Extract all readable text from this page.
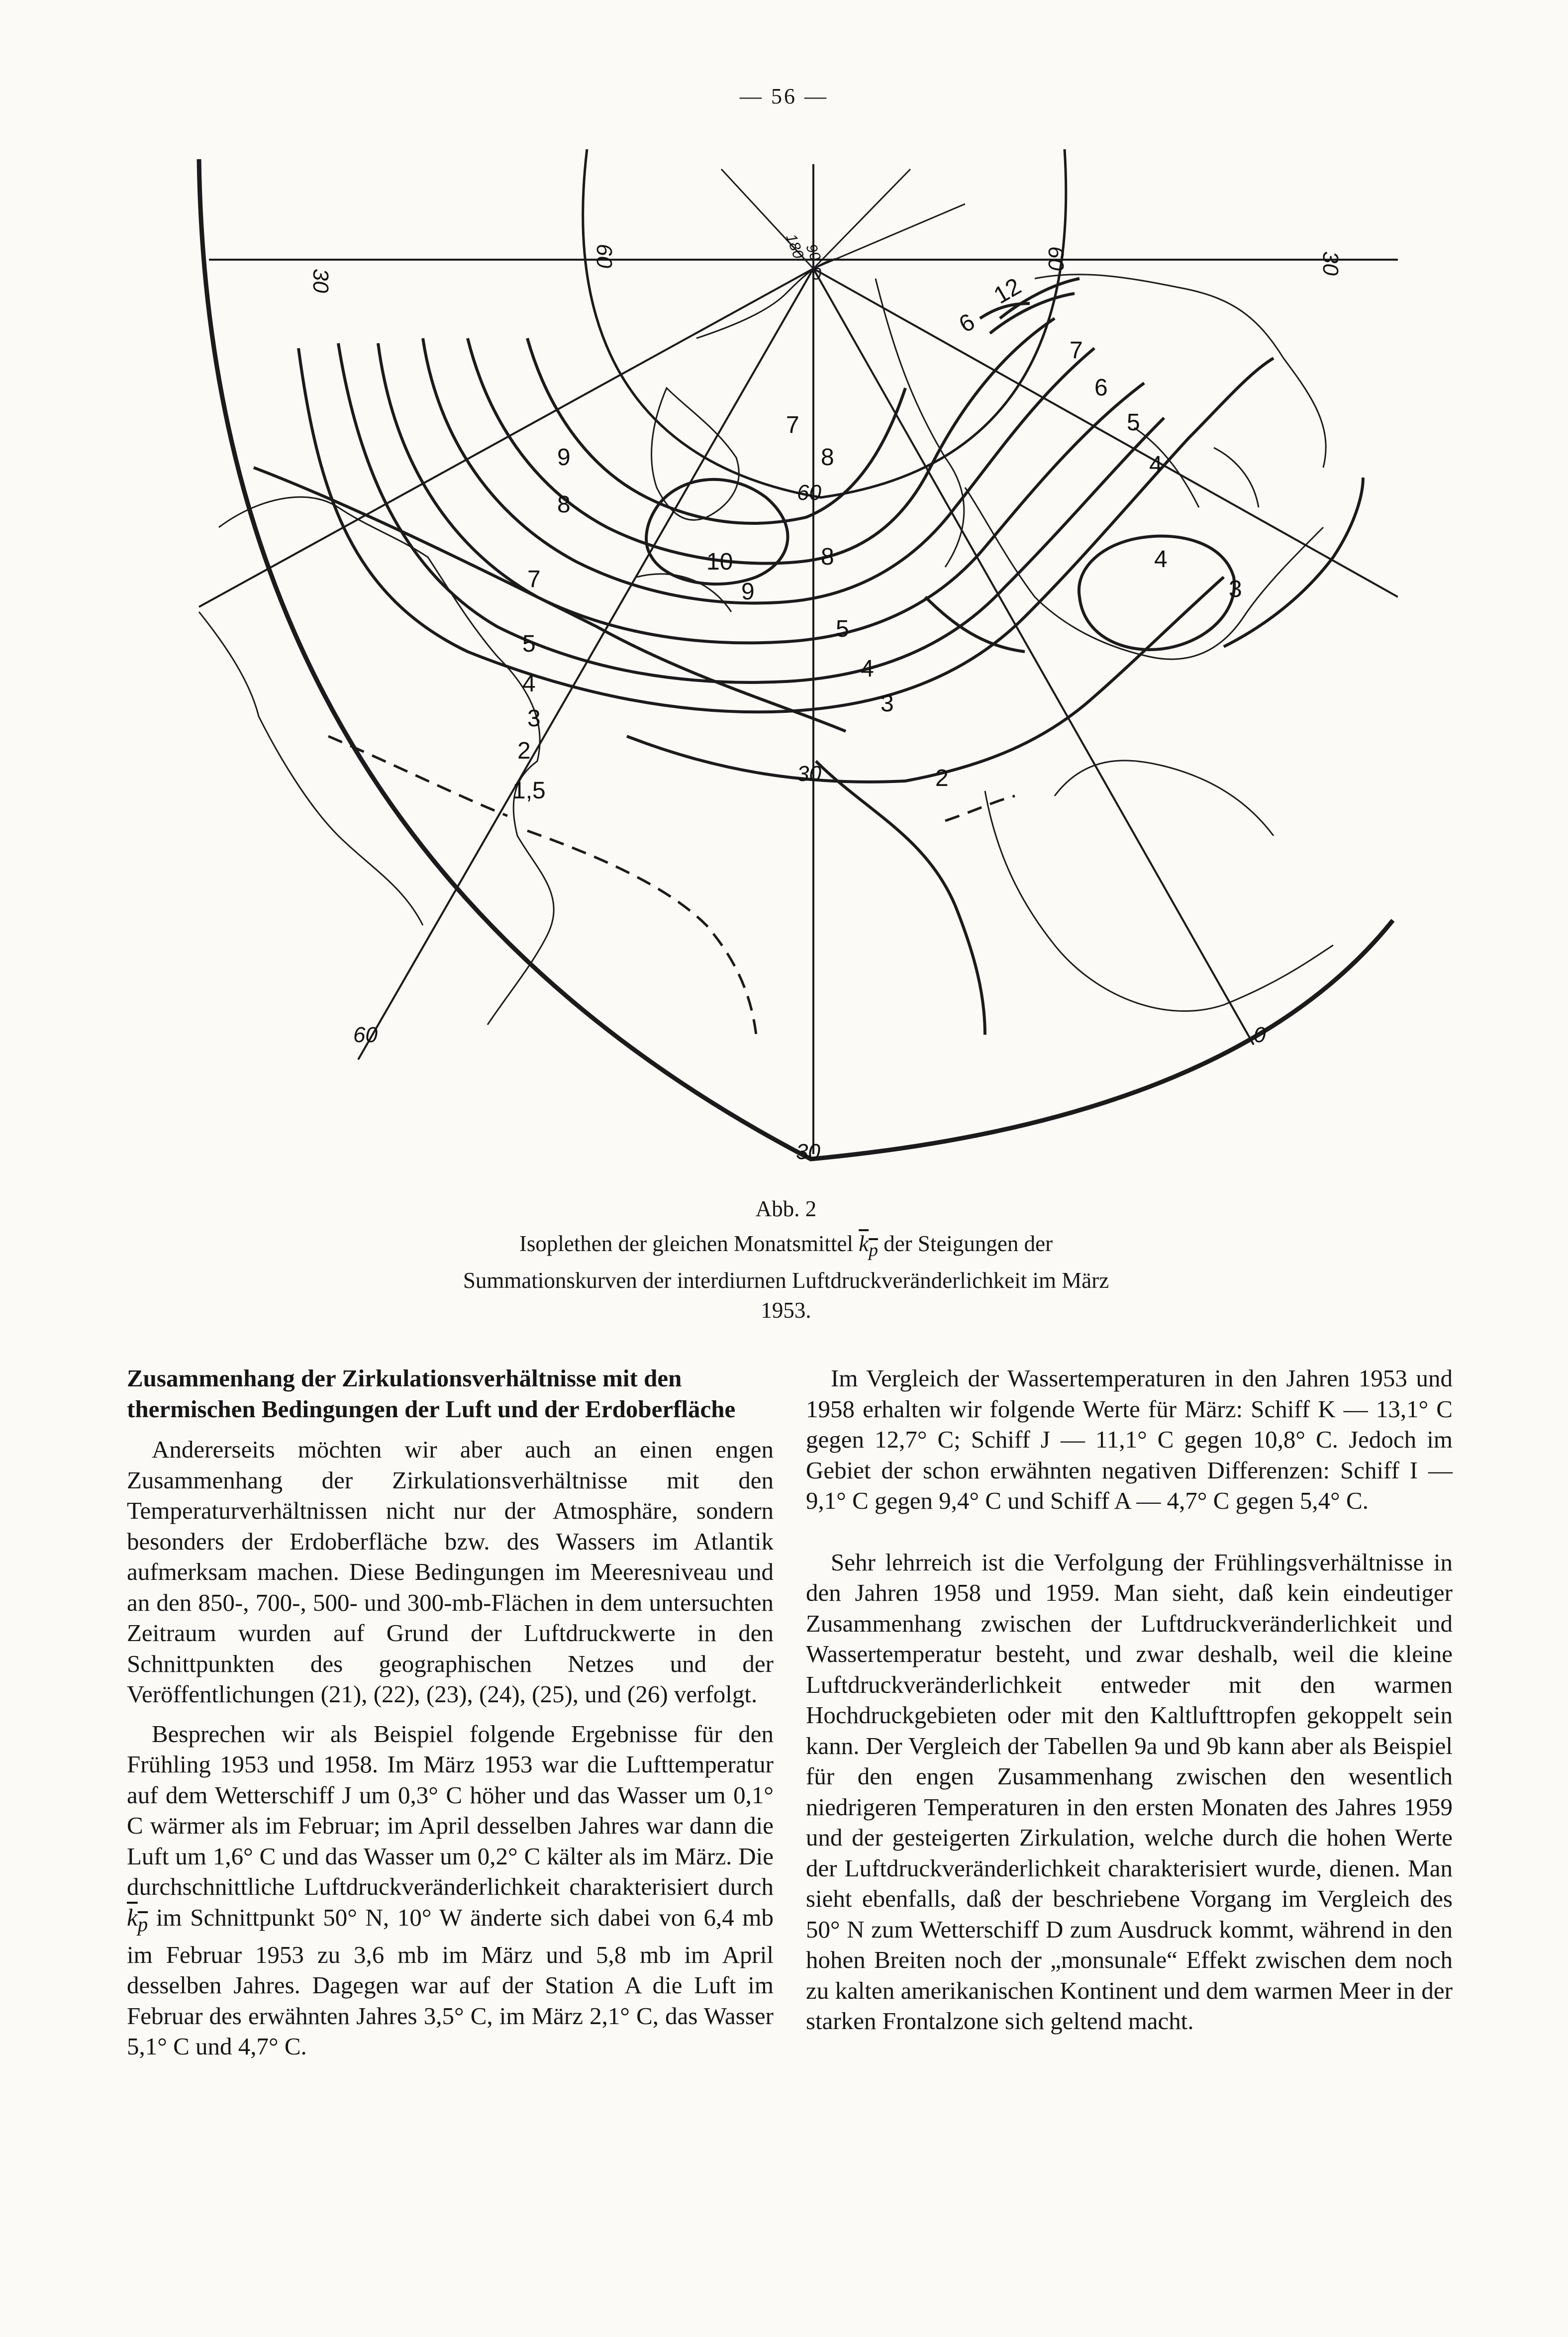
— 56 —
30
60	180
90
0
60	30
60
30
60	0
30
12
6
7
6
5
4
4
3
9
8
7
5
4
3
2
1,5
10
9
8
7
8
5
4
3
2
Abb. 2
Isoplethen der gleichen Monatsmittel $k_p$ der Steigungen der Summationskurven der interdiurnen Luftdruckveränderlichkeit im März 1953.
Zusammenhang der Zirkulationsverhältnisse mit den thermischen Bedingungen der Luft und der Erdoberfläche

Andererseits möchten wir aber auch an einen engen Zusammenhang der Zirkulationsverhältnisse mit den Temperaturverhältnissen nicht nur der Atmosphäre, sondern besonders der Erdoberfläche bzw. des Wassers im Atlantik aufmerksam machen. Diese Bedingungen im Meeresniveau und an den 850-, 700-, 500- und 300-mb-Flächen in dem untersuchten Zeitraum wurden auf Grund der Luftdruckwerte in den Schnittpunkten des geographischen Netzes und der Veröffentlichungen (21), (22), (23), (24), (25), und (26) verfolgt.

Besprechen wir als Beispiel folgende Ergebnisse für den Frühling 1953 und 1958. Im März 1953 war die Lufttemperatur auf dem Wetterschiff J um 0,3° C höher und das Wasser um 0,1° C wärmer als im Februar; im April desselben Jahres war dann die Luft um 1,6° C und das Wasser um 0,2° C kälter als im März. Die durchschnittliche Luftdruckveränderlichkeit charakterisiert durch $k_p$ im Schnittpunkt 50° N, 10° W änderte sich dabei von 6,4 mb im Februar 1953 zu 3,6 mb im März und 5,8 mb im April desselben Jahres. Dagegen war auf der Station A die Luft im Februar des erwähnten Jahres 3,5° C, im März 2,1° C, das Wasser 5,1° C und 4,7° C.

Im Vergleich der Wassertemperaturen in den Jahren 1953 und 1958 erhalten wir folgende Werte für März: Schiff K — 13,1° C gegen 12,7° C; Schiff J — 11,1° C gegen 10,8° C. Jedoch im Gebiet der schon erwähnten negativen Differenzen: Schiff I — 9,1° C gegen 9,4° C und Schiff A — 4,7° C gegen 5,4° C.

Sehr lehrreich ist die Verfolgung der Frühlingsverhältnisse in den Jahren 1958 und 1959. Man sieht, daß kein eindeutiger Zusammenhang zwischen der Luftdruckveränderlichkeit und Wassertemperatur besteht, und zwar deshalb, weil die kleine Luftdruckveränderlichkeit entweder mit den warmen Hochdruckgebieten oder mit den Kaltlufttropfen gekoppelt sein kann. Der Vergleich der Tabellen 9a und 9b kann aber als Beispiel für den engen Zusammenhang zwischen den wesentlich niedrigeren Temperaturen in den ersten Monaten des Jahres 1959 und der gesteigerten Zirkulation, welche durch die hohen Werte der Luftdruckveränderlichkeit charakterisiert wurde, dienen. Man sieht ebenfalls, daß der beschriebene Vorgang im Vergleich des 50° N zum Wetterschiff D zum Ausdruck kommt, während in den hohen Breiten noch der „monsunale“ Effekt zwischen dem noch zu kalten amerikanischen Kontinent und dem warmen Meer in der starken Frontalzone sich geltend macht.
